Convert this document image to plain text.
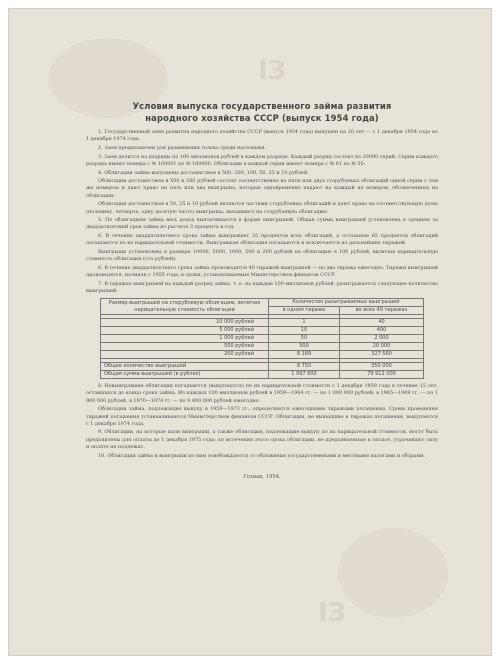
ІЗ
ІЗ
Условия выпуска государственного займа развития
народного хозяйства СССР (выпуск 1954 года)

1. Государственный заем развития народного хозяйства СССР (выпуск 1954 года) выпущен на 20 лет — с 1 декабря 1954 года по 1 декабря 1974 года.

2. Заем предназначен для размещения только среди населения.

3. Заем делится на разряды по 100 миллионов рублей в каждом разряде. Каждый разряд состоит из 20000 серий. Серии каждого разряда имеют номера с № 160001 по № 180000. Облигации в каждой серии имеют номера с № 01 по № 50.

4. Облигации займа выпущены достоинством в 500, 200, 100, 50, 25 и 10 рублей.

Облигации достоинством в 500 и 200 рублей состоят соответственно из пяти или двух сторублевых облигаций одной серии с тем же номером и дают право на пять или два выигрыша, которые одновременно падают на каждый из номеров, обозначенных на облигации.

Облигации достоинством в 50, 25 и 10 рублей являются частями сторублевых облигаций и дают право на соответствующую долю (половину, четверть, одну десятую часть) выигрыша, выпавшего на сторублевую облигацию.

5. По облигациям займа весь доход выплачивается в форме выигрышей. Общая сумма выигрышей установлена в среднем за двадцатилетний срок займа из расчета 3 процента в год.

6. В течение двадцатилетнего срока займа выигрывает 35 процентов всех облигаций, а остальные 65 процентов облигаций погашаются по их нарицательной стоимости. Выигравшая облигация погашается и исключается из дальнейших тиражей.

Выигрыши установлены в размере 10000, 5000, 1000, 500 и 200 рублей на облигацию в 100 рублей, включая нарицательную стоимость облигации (сто рублей).

6. В течение двадцатилетнего срока займа производится 40 тиражей выигрышей — по два тиража ежегодно. Тиражи выигрышей производятся, начиная с 1955 года, в сроки, устанавливаемые Министерством финансов СССР.

7. В тиражах выигрышей на каждый разряд займа, т. е. на каждые 100 миллионов рублей, разыгрывается следующее количество выигрышей:

Размер выигрышей на сторублевую облигацию, включая нарицательную стоимость облигации	Количество разыгрываемых выигрышей	
	в одном тираже	во всех 40 тиражах

10 000 рублей	1	40
5 000 рублей	10	400
1 000 рублей	50	2 000
500 рублей	500	20 000
200 рублей	8 189	327 560

Общее количество выигрышей	8 750	350 000
Общая сумма выигрышей (в рублях)	1 997 800	79 912 000

8. Невыигравшие облигации погашаются (выкупаются) по их нарицательной стоимости с 1 декабря 1959 года в течение 15 лет, оставшихся до конца срока займа. Из каждых 100 миллионов рублей в 1959—1964 гг. — по 1 000 000 рублей, в 1965—1969 гг. — по 1 900 000 рублей, в 1970—1974 гг. — по 9 900 000 рублей ежегодно.

Облигации займа, подлежащие выкупу в 1959—1973 гг., определяются ежегодными тиражами погашения. Сроки проведения тиражей погашения устанавливаются Министерством финансов СССР. Облигации, не вышедшие в тиражах погашения, выкупаются с 1 декабря 1974 года.

9. Облигации, на которые пали выигрыши, а также облигации, подлежащие выкупу по их нарицательной стоимости, могут быть предъявлены для оплаты до 1 декабря 1975 года; по истечении этого срока облигации, не предъявленные к оплате, утрачивают силу и оплате не подлежат.

10. Облигации займа и выигрыши по ним освобождаются от обложения государственными и местными налогами и сборами.

Гознак. 1954.
